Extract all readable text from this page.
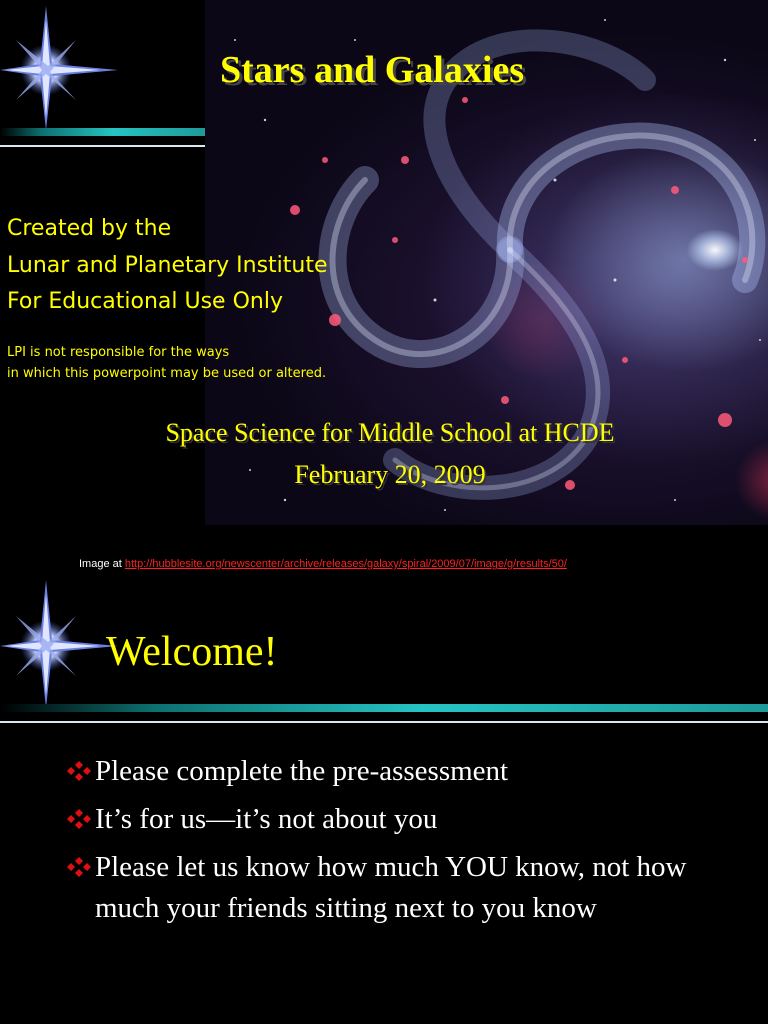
Stars and Galaxies
Created by the
Lunar and Planetary Institute
For Educational Use Only
LPI is not responsible for the ways
in which this powerpoint may be used or altered.
Space Science for Middle School at HCDE
February 20, 2009
Image at http://hubblesite.org/newscenter/archive/releases/galaxy/spiral/2009/07/image/g/results/50/
Welcome!
Please complete the pre-assessment
It’s for us—it’s not about you
Please let us know how much YOU know, not how much your friends sitting next to you know
